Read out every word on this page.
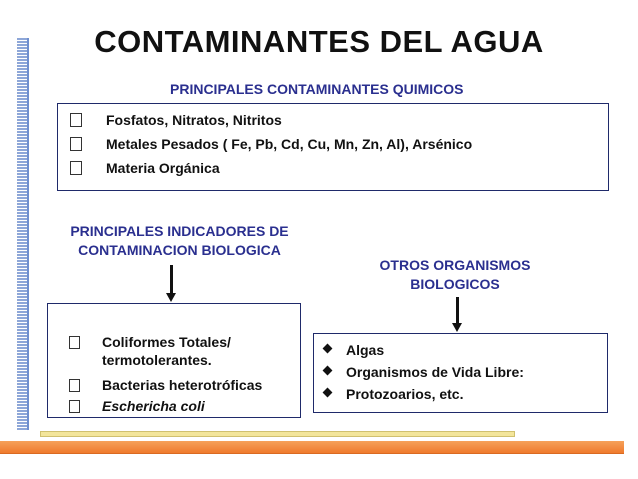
CONTAMINANTES DEL AGUA
PRINCIPALES CONTAMINANTES QUIMICOS
Fosfatos, Nitratos, Nitritos
Metales Pesados ( Fe, Pb, Cd, Cu, Mn, Zn, Al), Arsénico
Materia Orgánica
PRINCIPALES INDICADORES DE
CONTAMINACION BIOLOGICA
Coliformes Totales/
termotolerantes.
Bacterias heterotróficas
Eschericha coli
OTROS ORGANISMOS
BIOLOGICOS
Algas
Organismos de Vida Libre:
Protozoarios, etc.
